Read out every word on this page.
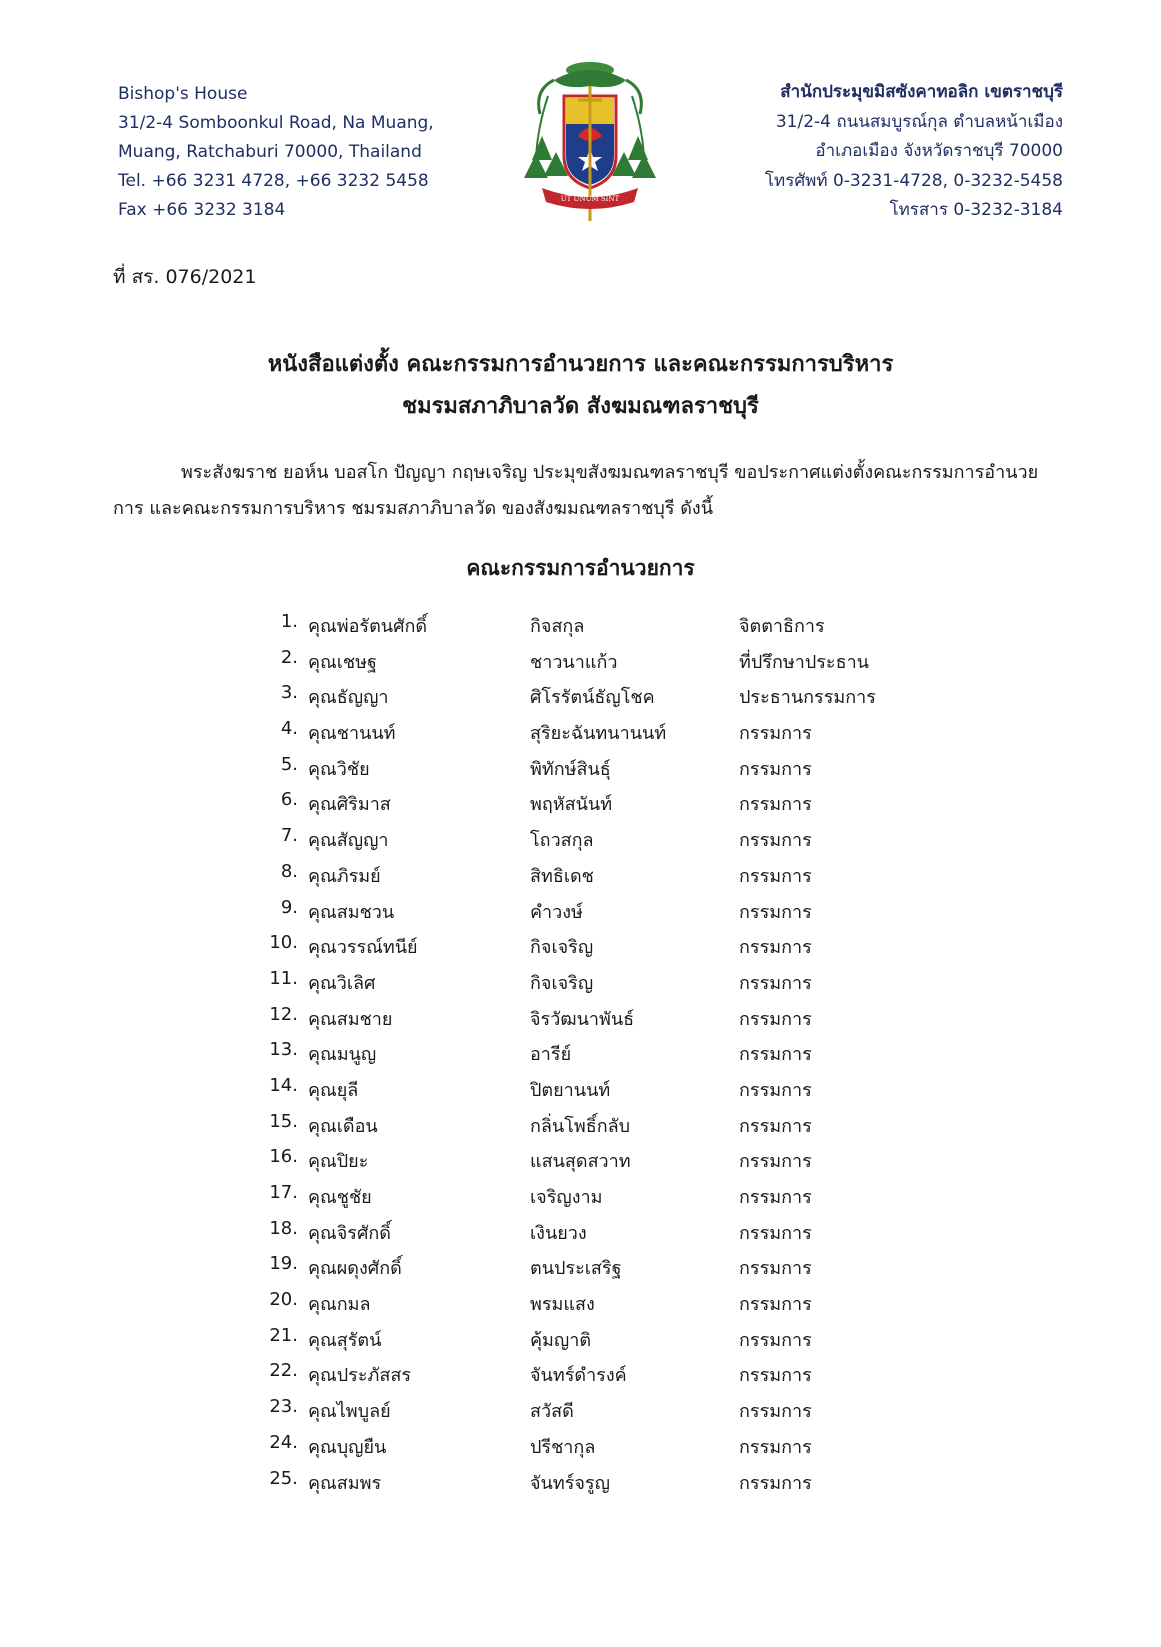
Bishop's House
31/2-4 Somboonkul Road, Na Muang,
Muang, Ratchaburi 70000, Thailand
Tel. +66 3231 4728, +66 3232 5458
Fax +66 3232 3184
UT UNUM SINT
สำนักประมุขมิสซังคาทอลิก เขตราชบุรี
31/2-4 ถนนสมบูรณ์กุล ตำบลหน้าเมือง
อำเภอเมือง จังหวัดราชบุรี 70000
โทรศัพท์ 0-3231-4728, 0-3232-5458
โทรสาร 0-3232-3184
ที่ สร. 076/2021
หนังสือแต่งตั้ง คณะกรรมการอำนวยการ และคณะกรรมการบริหาร
ชมรมสภาภิบาลวัด สังฆมณฑลราชบุรี
พระสังฆราช ยอห์น บอสโก ปัญญา กฤษเจริญ ประมุขสังฆมณฑลราชบุรี ขอประกาศแต่งตั้งคณะกรรมการอำนวยการ และคณะกรรมการบริหาร ชมรมสภาภิบาลวัด ของสังฆมณฑลราชบุรี ดังนี้
คณะกรรมการอำนวยการ
1. คุณพ่อรัตนศักดิ์	กิจสกุล	จิตตาธิการ
2. คุณเชษฐ	ชาวนาแก้ว	ที่ปรึกษาประธาน
3. คุณธัญญา	ศิโรรัตน์ธัญโชค	ประธานกรรมการ
4. คุณชานนท์	สุริยะฉันทนานนท์	กรรมการ
5. คุณวิชัย	พิทักษ์สินธุ์	กรรมการ
6. คุณศิริมาส	พฤหัสนันท์	กรรมการ
7. คุณสัญญา	โถวสกุล	กรรมการ
8. คุณภิรมย์	สิทธิเดช	กรรมการ
9. คุณสมชวน	คำวงษ์	กรรมการ
10. คุณวรรณ์ทนีย์	กิจเจริญ	กรรมการ
11. คุณวิเลิศ	กิจเจริญ	กรรมการ
12. คุณสมชาย	จิรวัฒนาพันธ์	กรรมการ
13. คุณมนูญ	อารีย์	กรรมการ
14. คุณยุลี	ปิตยานนท์	กรรมการ
15. คุณเดือน	กลิ่นโพธิ์กลับ	กรรมการ
16. คุณปิยะ	แสนสุดสวาท	กรรมการ
17. คุณชูชัย	เจริญงาม	กรรมการ
18. คุณจิรศักดิ์	เงินยวง	กรรมการ
19. คุณผดุงศักดิ์	ตนประเสริฐ	กรรมการ
20. คุณกมล	พรมแสง	กรรมการ
21. คุณสุรัตน์	คุ้มญาติ	กรรมการ
22. คุณประภัสสร	จันทร์ดำรงค์	กรรมการ
23. คุณไพบูลย์	สวัสดี	กรรมการ
24. คุณบุญยืน	ปรีชากุล	กรรมการ
25. คุณสมพร	จันทร์จรูญ	กรรมการ
